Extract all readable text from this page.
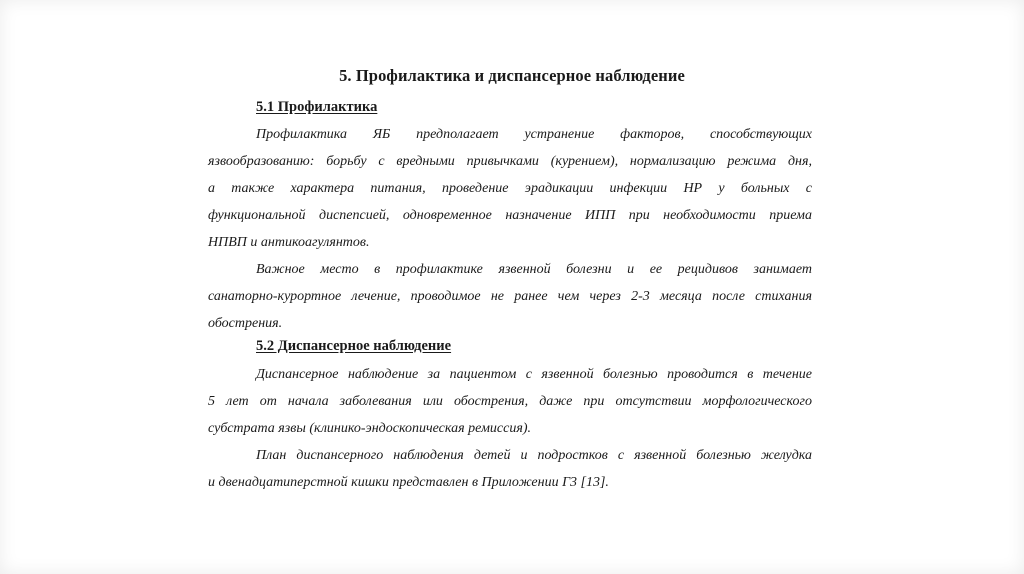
5. Профилактика и диспансерное наблюдение
5.1 Профилактика
Профилактика ЯБ предполагает устранение факторов, способствующих
язвообразованию: борьбу с вредными привычками (курением), нормализацию режима дня,
а также характера питания, проведение эрадикации инфекции НР у больных с
функциональной диспепсией, одновременное назначение ИПП при необходимости приема
НПВП и антикоагулянтов.
Важное место в профилактике язвенной болезни и ее рецидивов занимает
санаторно-курортное лечение, проводимое не ранее чем через 2-3 месяца после стихания
обострения.
5.2 Диспансерное наблюдение
Диспансерное наблюдение за пациентом с язвенной болезнью проводится в течение
5 лет от начала заболевания или обострения, даже при отсутствии морфологического
субстрата язвы (клинико-эндоскопическая ремиссия).
План диспансерного наблюдения детей и подростков с язвенной болезнью желудка
и двенадцатиперстной кишки представлен в Приложении Г3 [13].
